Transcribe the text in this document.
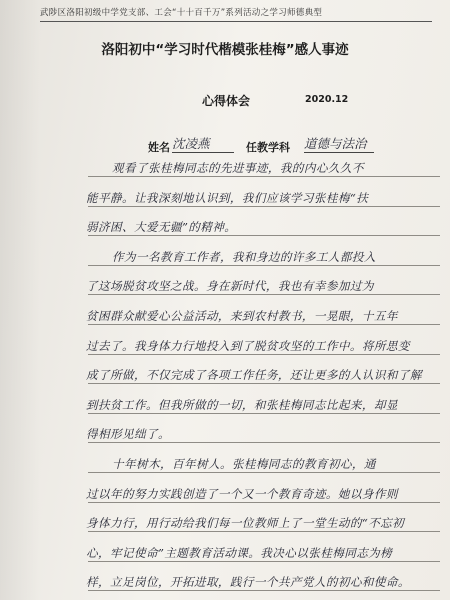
武陟区洛阳初级中学党支部、工会“十十百千万”系列活动之学习师德典型
洛阳初中“学习时代楷模张桂梅”感人事迹
心得体会	2020.12
姓名 沈凌燕	任教学科 道德与法治
观看了张桂梅同志的先进事迹，我的内心久久不
能平静。让我深刻地认识到，我们应该学习张桂梅“扶
弱济困、大爱无疆”的精神。
作为一名教育工作者，我和身边的许多工人都投入
了这场脱贫攻坚之战。身在新时代，我也有幸参加过为
贫困群众献爱心公益活动，来到农村教书，一晃眼，十五年
过去了。我身体力行地投入到了脱贫攻坚的工作中。将所思变
成了所做，不仅完成了各项工作任务，还让更多的人认识和了解
到扶贫工作。但我所做的一切，和张桂梅同志比起来，却显
得相形见绌了。
十年树木，百年树人。张桂梅同志的教育初心，通
过以年的努力实践创造了一个又一个教育奇迹。她以身作则
身体力行，用行动给我们每一位教师上了一堂生动的“不忘初
心，牢记使命”主题教育活动课。我决心以张桂梅同志为榜
样，立足岗位，开拓进取，践行一个共产党人的初心和使命。
